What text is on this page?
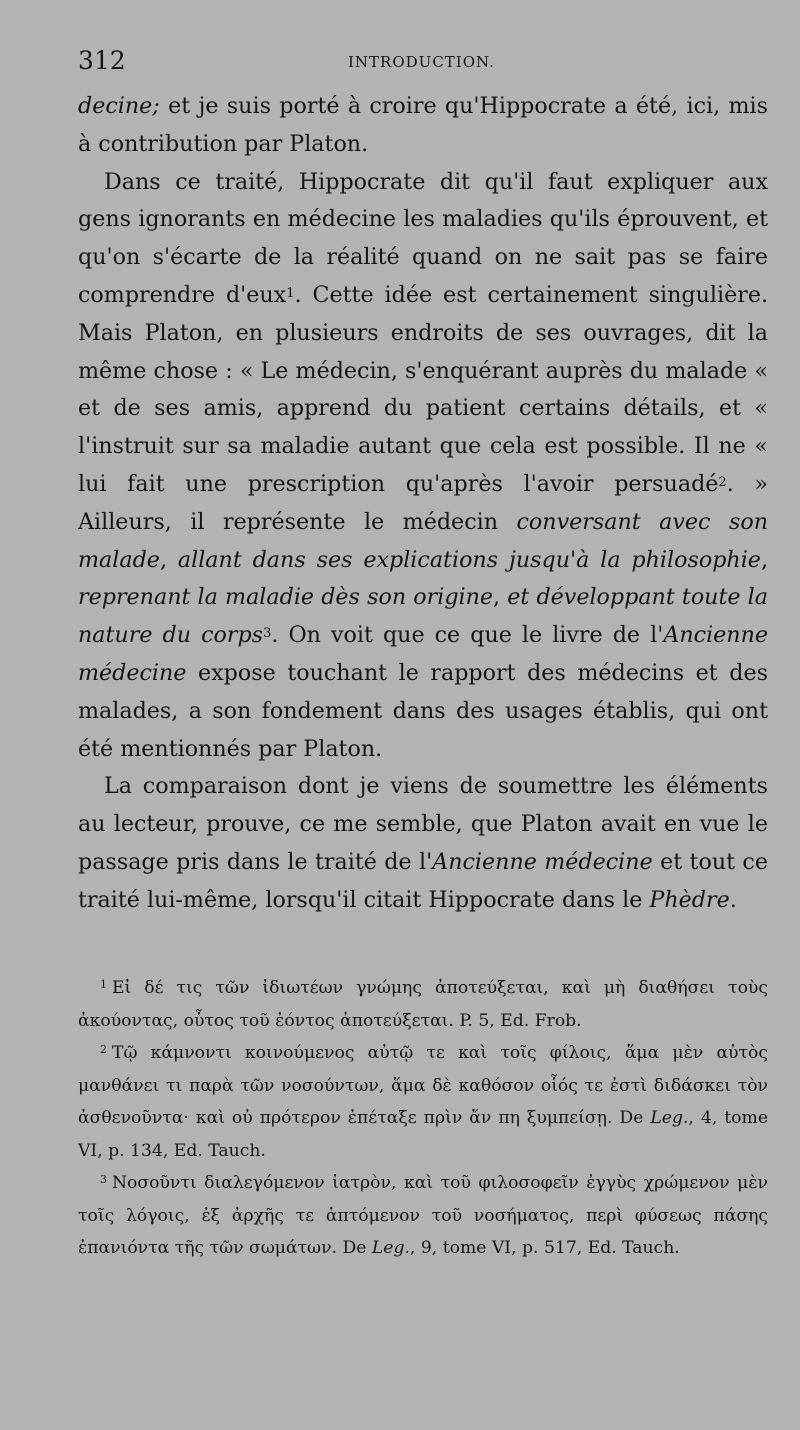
312	INTRODUCTION.

decine; et je suis porté à croire qu'Hippocrate a été, ici, mis à contribution par Platon.

Dans ce traité, Hippocrate dit qu'il faut expliquer aux gens ignorants en médecine les maladies qu'ils éprouvent, et qu'on s'écarte de la réalité quand on ne sait pas se faire comprendre d'eux$^1$. Cette idée est certainement singulière. Mais Platon, en plusieurs endroits de ses ouvrages, dit la même chose : « Le médecin, s'enquérant auprès du malade « et de ses amis, apprend du patient certains détails, et « l'instruit sur sa maladie autant que cela est possible. Il ne « lui fait une prescription qu'après l'avoir persuadé$^2$. » Ailleurs, il représente le médecin conversant avec son malade, allant dans ses explications jusqu'à la philosophie, reprenant la maladie dès son origine, et développant toute la nature du corps$^3$. On voit que ce que le livre de l'Ancienne médecine expose touchant le rapport des médecins et des malades, a son fondement dans des usages établis, qui ont été mentionnés par Platon.

La comparaison dont je viens de soumettre les éléments au lecteur, prouve, ce me semble, que Platon avait en vue le passage pris dans le traité de l'Ancienne médecine et tout ce traité lui-même, lorsqu'il citait Hippocrate dans le Phèdre.

$^1$ Εἰ δέ τις τῶν ἰδιωτέων γνώμης ἀποτεύξεται, καὶ μὴ διαθήσει τοὺς ἀκούοντας, οὗτος τοῦ ἐόντος ἀποτεύξεται. P. 5, Ed. Frob.

$^2$ Τῷ κάμνοντι κοινούμενος αὐτῷ τε καὶ τοῖς φίλοις, ἅμα μὲν αὐτὸς μανθάνει τι παρὰ τῶν νοσούντων, ἅμα δὲ καθόσον οἷός τε ἐστὶ διδάσκει τὸν ἀσθενοῦντα· καὶ οὐ πρότερον ἐπέταξε πρὶν ἄν πη ξυμπείσῃ. De Leg., 4, tome VI, p. 134, Ed. Tauch.

$^3$ Νοσοῦντι διαλεγόμενον ἰατρὸν, καὶ τοῦ φιλοσοφεῖν ἐγγὺς χρώμενον μὲν τοῖς λόγοις, ἐξ ἀρχῆς τε ἁπτόμενον τοῦ νοσήματος, περὶ φύσεως πάσης ἐπανιόντα τῆς τῶν σωμάτων. De Leg., 9, tome VI, p. 517, Ed. Tauch.
